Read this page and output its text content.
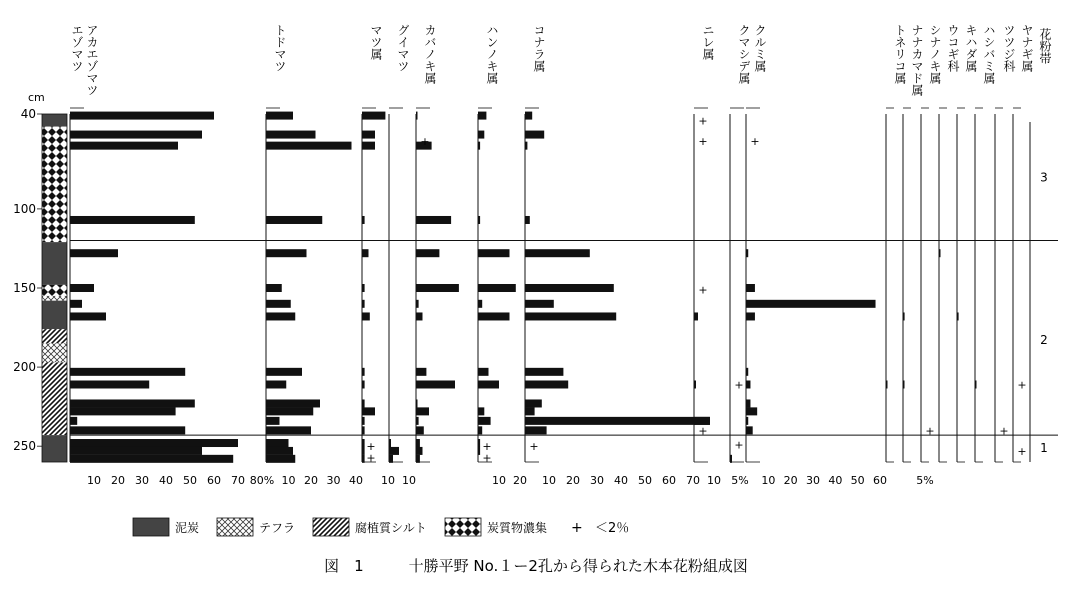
cm
40
100
150
200
250
10 20 30 40 50 60 70 80%
アカエゾマツ
エゾマツ
10 20 30 40
トドマツ
+
+
10
マツ属
10
グイマツ
+
カバノキ属
+
+
10 20
ハンノキ属
+
10 20 30 40 50 60 70
コナラ属
+
+
+
+
10
ニレ属
+
+
5%
クマシデ属
+
10 20 30 40 50 60
クルミ属	トネリコ属 ナナカマド属
+
5%
シナノキ属 ウコギ科 キハダ属 ハシバミ属
+
ツツジ科
+
+
ヤナギ属 花粉帯
3
2
1
泥炭	テフラ	腐植質シルト	炭質物濃集 + ＜2％
図　1　　　十勝平野 No.１ー2孔から得られた木本花粉組成図
